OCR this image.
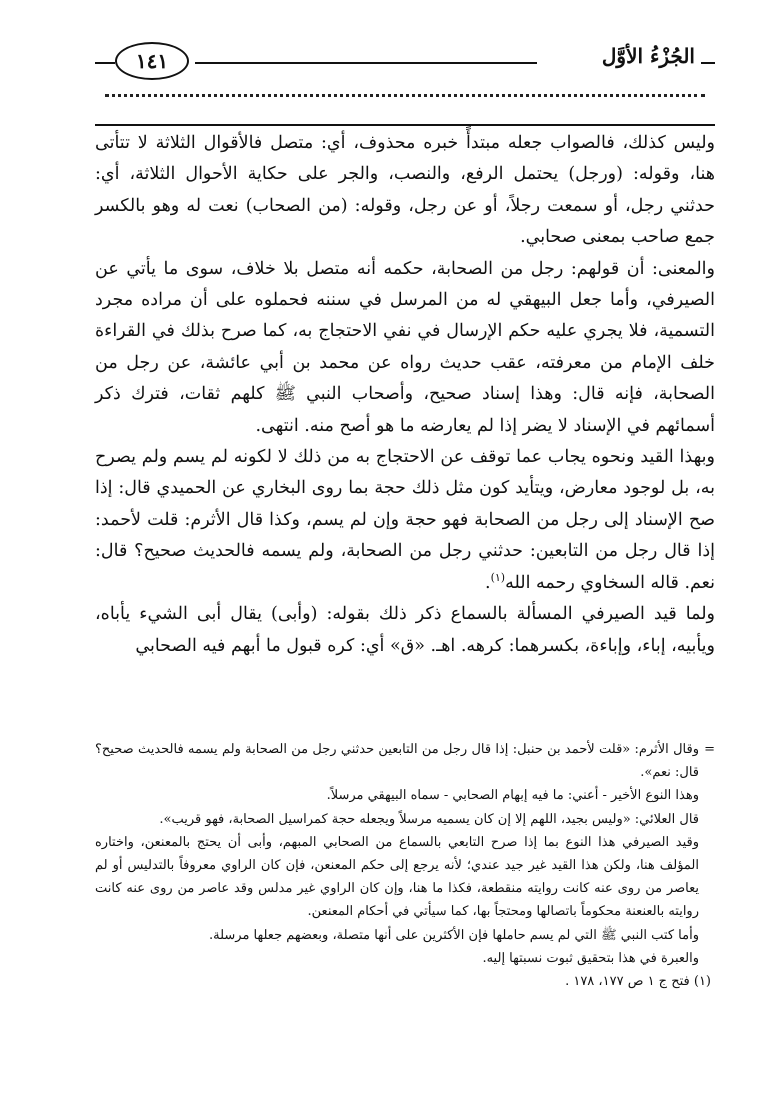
الجُزْءُ الأوَّل
١٤١

وليس كذلك، فالصواب جعله مبتدأً خبره محذوف، أي: متصل فالأقوال الثلاثة لا تتأتى هنا، وقوله: (ورجل) يحتمل الرفع، والنصب، والجر على حكاية الأحوال الثلاثة، أي: حدثني رجل، أو سمعت رجلاً، أو عن رجل، وقوله: (من الصحاب) نعت له وهو بالكسر جمع صاحب بمعنى صحابي.

والمعنى: أن قولهم: رجل من الصحابة، حكمه أنه متصل بلا خلاف، سوى ما يأتي عن الصيرفي، وأما جعل البيهقي له من المرسل في سننه فحملوه على أن مراده مجرد التسمية، فلا يجري عليه حكم الإرسال في نفي الاحتجاج به، كما صرح بذلك في القراءة خلف الإمام من معرفته، عقب حديث رواه عن محمد بن أبي عائشة، عن رجل من الصحابة، فإنه قال: وهذا إسناد صحيح، وأصحاب النبي ﷺ كلهم ثقات، فترك ذكر أسمائهم في الإسناد لا يضر إذا لم يعارضه ما هو أصح منه. انتهى.

وبهذا القيد ونحوه يجاب عما توقف عن الاحتجاج به من ذلك لا لكونه لم يسم ولم يصرح به، بل لوجود معارض، ويتأيد كون مثل ذلك حجة بما روى البخاري عن الحميدي قال: إذا صح الإسناد إلى رجل من الصحابة فهو حجة وإن لم يسم، وكذا قال الأثرم: قلت لأحمد: إذا قال رجل من التابعين: حدثني رجل من الصحابة، ولم يسمه فالحديث صحيح؟ قال: نعم. قاله السخاوي رحمه الله$^{(١)}$.

ولما قيد الصيرفي المسألة بالسماع ذكر ذلك بقوله: (وأبى) يقال أبى الشيء يأباه، ويأبيه، إباء، وإباءة، بكسرهما: كرهه. اهـ. «ق» أي: كره قبول ما أبهم فيه الصحابي

=
وقال الأثرم: «قلت لأحمد بن حنبل: إذا قال رجل من التابعين حدثني رجل من الصحابة ولم يسمه فالحديث صحيح؟ قال: نعم».

وهذا النوع الأخير - أعني: ما فيه إبهام الصحابي - سماه البيهقي مرسلاً.

قال العلائي: «وليس بجيد، اللهم إلا إن كان يسميه مرسلاً ويجعله حجة كمراسيل الصحابة، فهو قريب».

وقيد الصيرفي هذا النوع بما إذا صرح التابعي بالسماع من الصحابي المبهم، وأبى أن يحتج بالمعنعن، واختاره المؤلف هنا، ولكن هذا القيد غير جيد عندي؛ لأنه يرجع إلى حكم المعنعن، فإن كان الراوي معروفاً بالتدليس أو لم يعاصر من روى عنه كانت روايته منقطعة، فكذا ما هنا، وإن كان الراوي غير مدلس وقد عاصر من روى عنه كانت روايته بالعنعنة محكوماً باتصالها ومحتجاً بها، كما سيأتي في أحكام المعنعن.

وأما كتب النبي ﷺ التي لم يسم حاملها فإن الأكثرين على أنها متصلة، وبعضهم جعلها مرسلة.

والعبرة في هذا بتحقيق ثبوت نسبتها إليه.

(١) فتح ج ١ ص ١٧٧، ١٧٨ .
